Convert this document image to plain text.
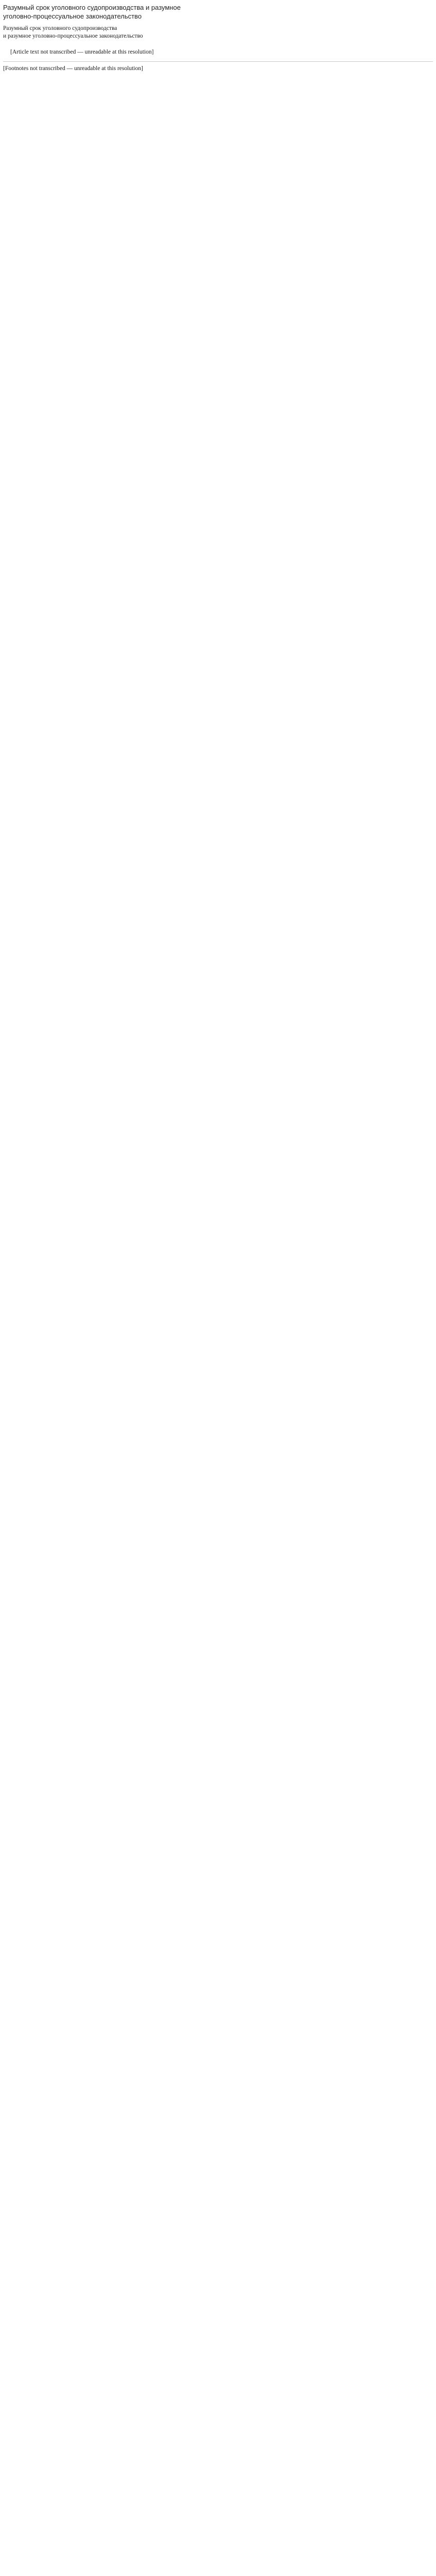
Разумный срок уголовного судопроизводства и разумное
уголовно-процессуальное законодательство

Разумный срок уголовного судопроизводства

и разумное уголовно-процессуальное законодательство

[Article text not transcribed — unreadable at this resolution]

[Footnotes not transcribed — unreadable at this resolution]
